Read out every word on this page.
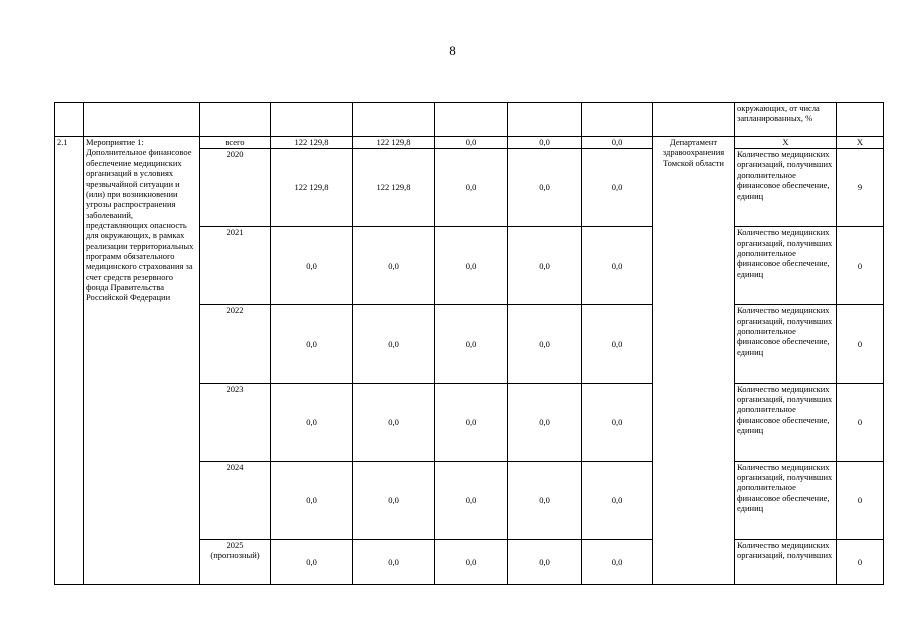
8
									окружающих, от числа запланированных, %	
2.1	Мероприятие 1: Дополнительное финансовое обеспечение медицинских организаций в условиях чрезвычайной ситуации и (или) при возникновении угрозы распространения заболеваний, представляющих опасность для окружающих, в рамках реализации территориальных программ обязательного медицинского страхования за счет средств резервного фонда Правительства Российской Федерации	всего	122 129,8	122 129,8	0,0	0,0	0,0	Департамент здравоохранения Томской области	Х	Х
		2020	122 129,8	122 129,8	0,0	0,0	0,0		Количество медицинских организаций, получивших дополнительное финансовое обеспечение, единиц	9
		2021	0,0	0,0	0,0	0,0	0,0		Количество медицинских организаций, получивших дополнительное финансовое обеспечение, единиц	0
		2022	0,0	0,0	0,0	0,0	0,0		Количество медицинских организаций, получивших дополнительное финансовое обеспечение, единиц	0
		2023	0,0	0,0	0,0	0,0	0,0		Количество медицинских организаций, получивших дополнительное финансовое обеспечение, единиц	0
		2024	0,0	0,0	0,0	0,0	0,0		Количество медицинских организаций, получивших дополнительное финансовое обеспечение, единиц	0
		2025 (прогнозный)	0,0	0,0	0,0	0,0	0,0		Количество медицинских организаций, получивших	0
